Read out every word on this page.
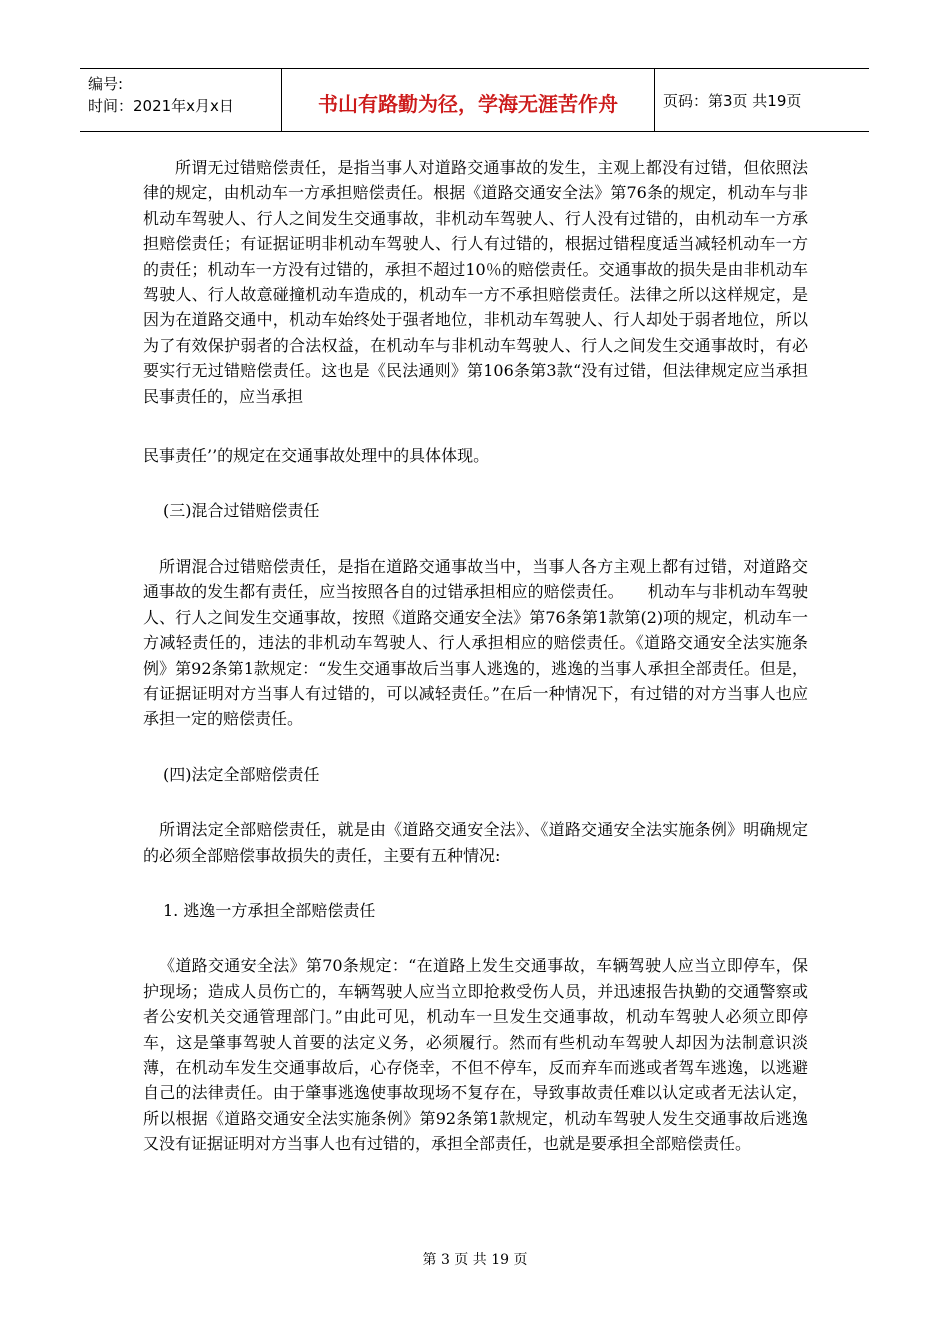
编号:
时间：2021年x月x日	书山有路勤为径，学海无涯苦作舟	页码：第3页 共19页

所谓无过错赔偿责任，是指当事人对道路交通事故的发生，主观上都没有过错，但依照法律的规定，由机动车一方承担赔偿责任。根据《道路交通安全法》第76条的规定，机动车与非机动车驾驶人、行人之间发生交通事故，非机动车驾驶人、行人没有过错的，由机动车一方承担赔偿责任；有证据证明非机动车驾驶人、行人有过错的，根据过错程度适当减轻机动车一方的责任；机动车一方没有过错的，承担不超过10％的赔偿责任。交通事故的损失是由非机动车驾驶人、行人故意碰撞机动车造成的，机动车一方不承担赔偿责任。法律之所以这样规定，是因为在道路交通中，机动车始终处于强者地位，非机动车驾驶人、行人却处于弱者地位，所以为了有效保护弱者的合法权益，在机动车与非机动车驾驶人、行人之间发生交通事故时，有必要实行无过错赔偿责任。这也是《民法通则》第106条第3款“没有过错，但法律规定应当承担民事责任的，应当承担

民事责任’’的规定在交通事故处理中的具体体现。

(三)混合过错赔偿责任

所谓混合过错赔偿责任，是指在道路交通事故当中，当事人各方主观上都有过错，对道路交通事故的发生都有责任，应当按照各自的过错承担相应的赔偿责任。　　机动车与非机动车驾驶人、行人之间发生交通事故，按照《道路交通安全法》第76条第1款第(2)项的规定，机动车一方减轻责任的，违法的非机动车驾驶人、行人承担相应的赔偿责任。《道路交通安全法实施条例》第92条第1款规定：“发生交通事故后当事人逃逸的，逃逸的当事人承担全部责任。但是，有证据证明对方当事人有过错的，可以减轻责任。”在后一种情况下，有过错的对方当事人也应承担一定的赔偿责任。

(四)法定全部赔偿责任

所谓法定全部赔偿责任，就是由《道路交通安全法》、《道路交通安全法实施条例》明确规定的必须全部赔偿事故损失的责任，主要有五种情况:

1. 逃逸一方承担全部赔偿责任

《道路交通安全法》第70条规定：“在道路上发生交通事故，车辆驾驶人应当立即停车，保护现场；造成人员伤亡的，车辆驾驶人应当立即抢救受伤人员，并迅速报告执勤的交通警察或者公安机关交通管理部门。”由此可见，机动车一旦发生交通事故，机动车驾驶人必须立即停车，这是肇事驾驶人首要的法定义务，必须履行。然而有些机动车驾驶人却因为法制意识淡薄，在机动车发生交通事故后，心存侥幸，不但不停车，反而弃车而逃或者驾车逃逸，以逃避自己的法律责任。由于肇事逃逸使事故现场不复存在，导致事故责任难以认定或者无法认定，所以根据《道路交通安全法实施条例》第92条第1款规定，机动车驾驶人发生交通事故后逃逸又没有证据证明对方当事人也有过错的，承担全部责任，也就是要承担全部赔偿责任。

第 3 页 共 19 页
